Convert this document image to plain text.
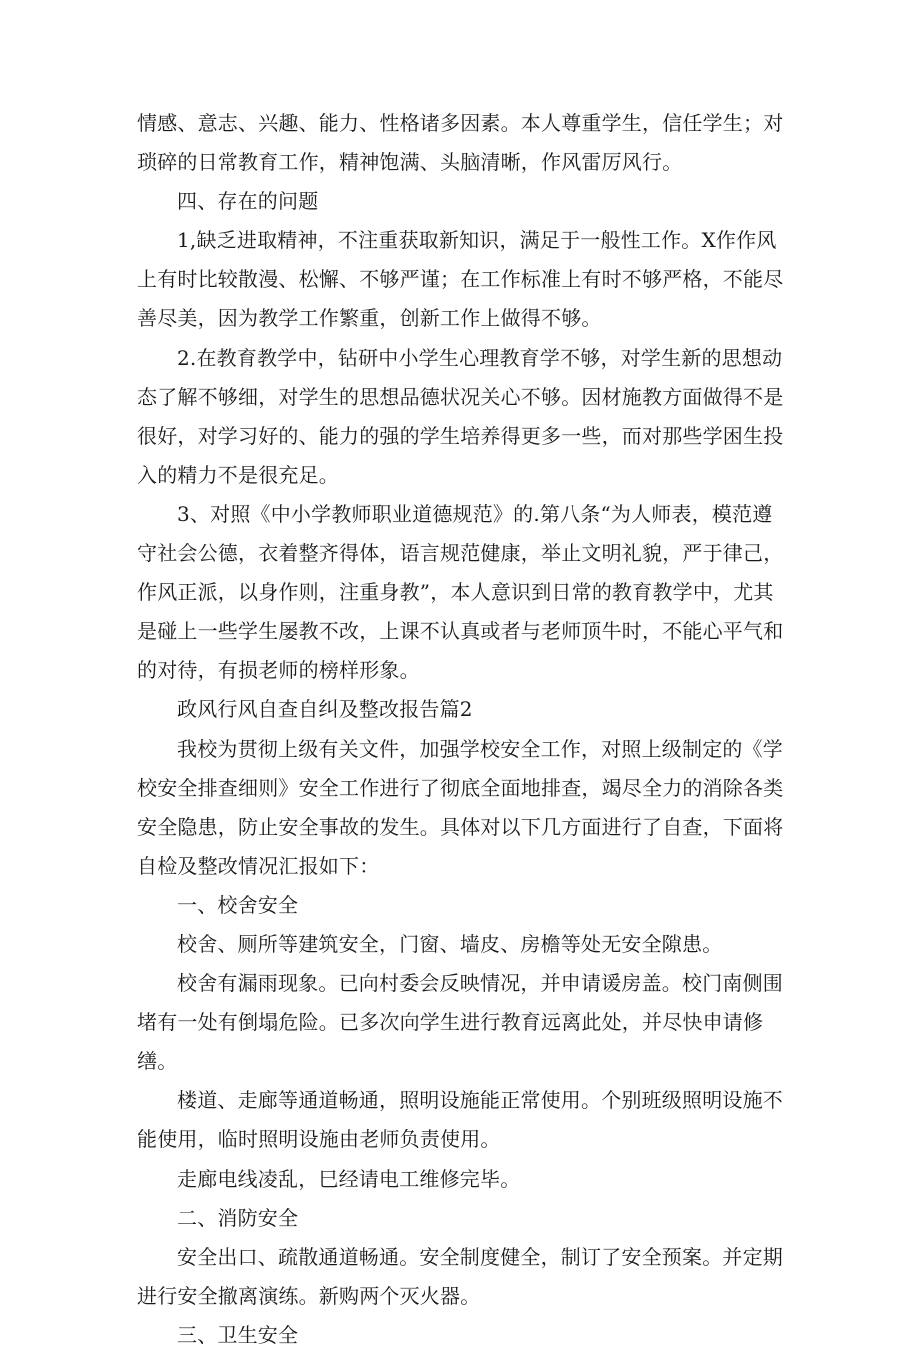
情感、意志、兴趣、能力、性格诸多因素。本人尊重学生，信任学生；对琐碎的日常教育工作，精神饱满、头脑清晰，作风雷厉风行。

四、存在的问题

1,缺乏进取精神，不注重获取新知识，满足于一般性工作。X作作风上有时比较散漫、松懈、不够严谨；在工作标准上有时不够严格，不能尽善尽美，因为教学工作繁重，创新工作上做得不够。

2.在教育教学中，钻研中小学生心理教育学不够，对学生新的思想动态了解不够细，对学生的思想品德状况关心不够。因材施教方面做得不是很好，对学习好的、能力的强的学生培养得更多一些，而对那些学困生投入的精力不是很充足。

3、对照《中小学教师职业道德规范》的.第八条“为人师表，模范遵守社会公德，衣着整齐得体，语言规范健康，举止文明礼貌，严于律己，作风正派，以身作则，注重身教”，本人意识到日常的教育教学中，尤其是碰上一些学生屡教不改，上课不认真或者与老师顶牛时，不能心平气和的对待，有损老师的榜样形象。

政风行风自查自纠及整改报告篇2

我校为贯彻上级有关文件，加强学校安全工作，对照上级制定的《学校安全排查细则》安全工作进行了彻底全面地排查，竭尽全力的消除各类安全隐患，防止安全事故的发生。具体对以下几方面进行了自查，下面将自检及整改情况汇报如下：

一、校舍安全

校舍、厕所等建筑安全，门窗、墙皮、房檐等处无安全隙患。

校舍有漏雨现象。已向村委会反映情况，并申请谖房盖。校门南侧围堵有一处有倒塌危险。已多次向学生进行教育远离此处，并尽快申请修缮。

楼道、走廊等通道畅通，照明设施能正常使用。个别班级照明设施不能使用，临时照明设施由老师负责使用。

走廊电线凌乱，巳经请电工维修完毕。

二、消防安全

安全出口、疏散通道畅通。安全制度健全，制订了安全预案。并定期进行安全撤离演练。新购两个灭火器。

三、卫生安全
